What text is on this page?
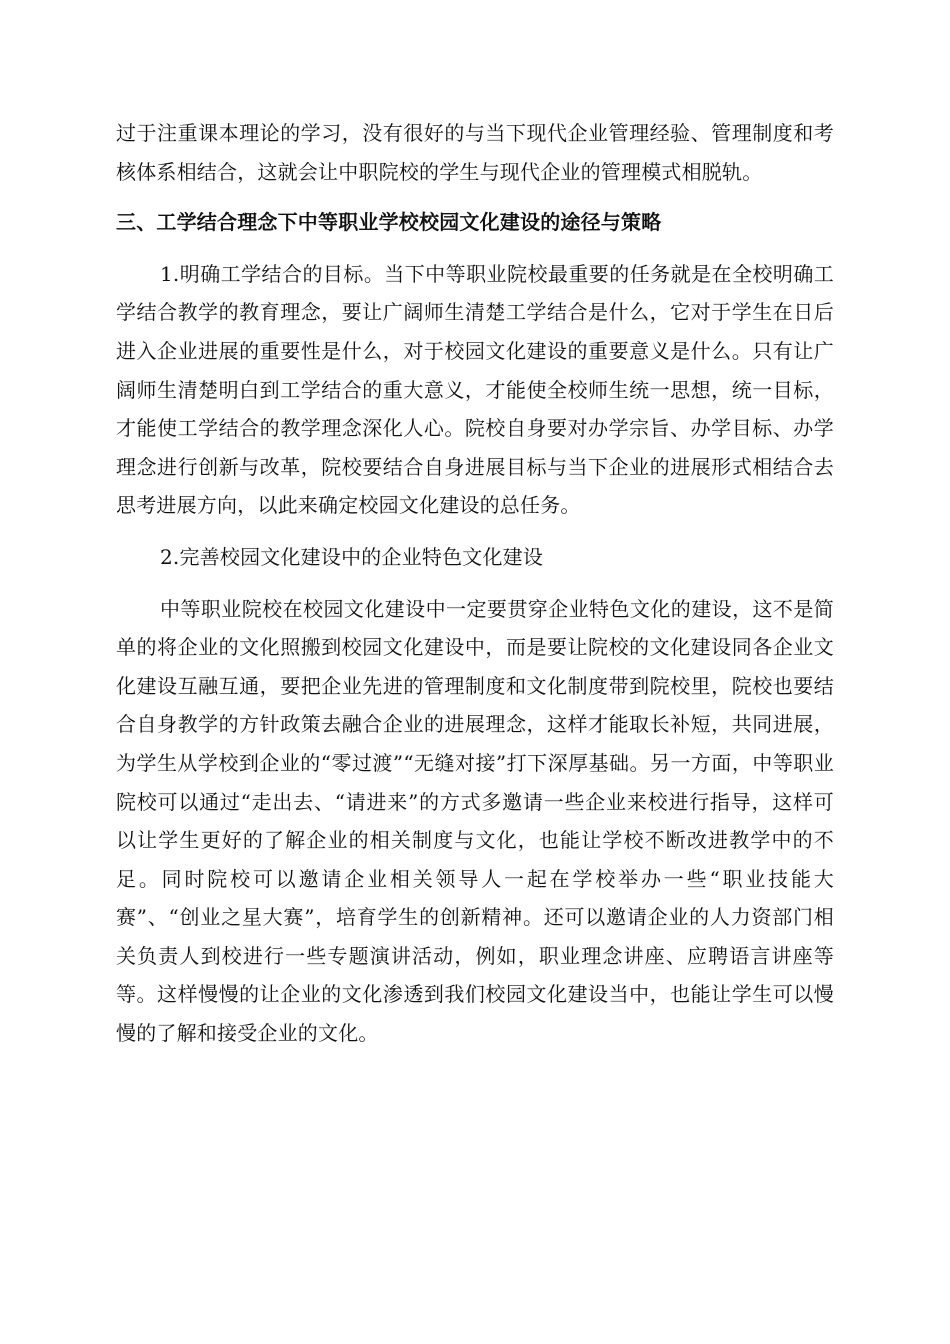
过于注重课本理论的学习，没有很好的与当下现代企业管理经验、管理制度和考核体系相结合，这就会让中职院校的学生与现代企业的管理模式相脱轨。

三、工学结合理念下中等职业学校校园文化建设的途径与策略

1.明确工学结合的目标。当下中等职业院校最重要的任务就是在全校明确工学结合教学的教育理念，要让广阔师生清楚工学结合是什么，它对于学生在日后进入企业进展的重要性是什么，对于校园文化建设的重要意义是什么。只有让广阔师生清楚明白到工学结合的重大意义，才能使全校师生统一思想，统一目标，才能使工学结合的教学理念深化人心。院校自身要对办学宗旨、办学目标、办学理念进行创新与改革，院校要结合自身进展目标与当下企业的进展形式相结合去思考进展方向，以此来确定校园文化建设的总任务。

2.完善校园文化建设中的企业特色文化建设

中等职业院校在校园文化建设中一定要贯穿企业特色文化的建设，这不是简单的将企业的文化照搬到校园文化建设中，而是要让院校的文化建设同各企业文化建设互融互通，要把企业先进的管理制度和文化制度带到院校里，院校也要结合自身教学的方针政策去融合企业的进展理念，这样才能取长补短，共同进展，为学生从学校到企业的“零过渡”“无缝对接”打下深厚基础。另一方面，中等职业院校可以通过“走出去、“请进来”的方式多邀请一些企业来校进行指导，这样可以让学生更好的了解企业的相关制度与文化，也能让学校不断改进教学中的不足。同时院校可以邀请企业相关领导人一起在学校举办一些“职业技能大赛”、“创业之星大赛”，培育学生的创新精神。还可以邀请企业的人力资部门相关负责人到校进行一些专题演讲活动，例如，职业理念讲座、应聘语言讲座等等。这样慢慢的让企业的文化渗透到我们校园文化建设当中，也能让学生可以慢慢的了解和接受企业的文化。
